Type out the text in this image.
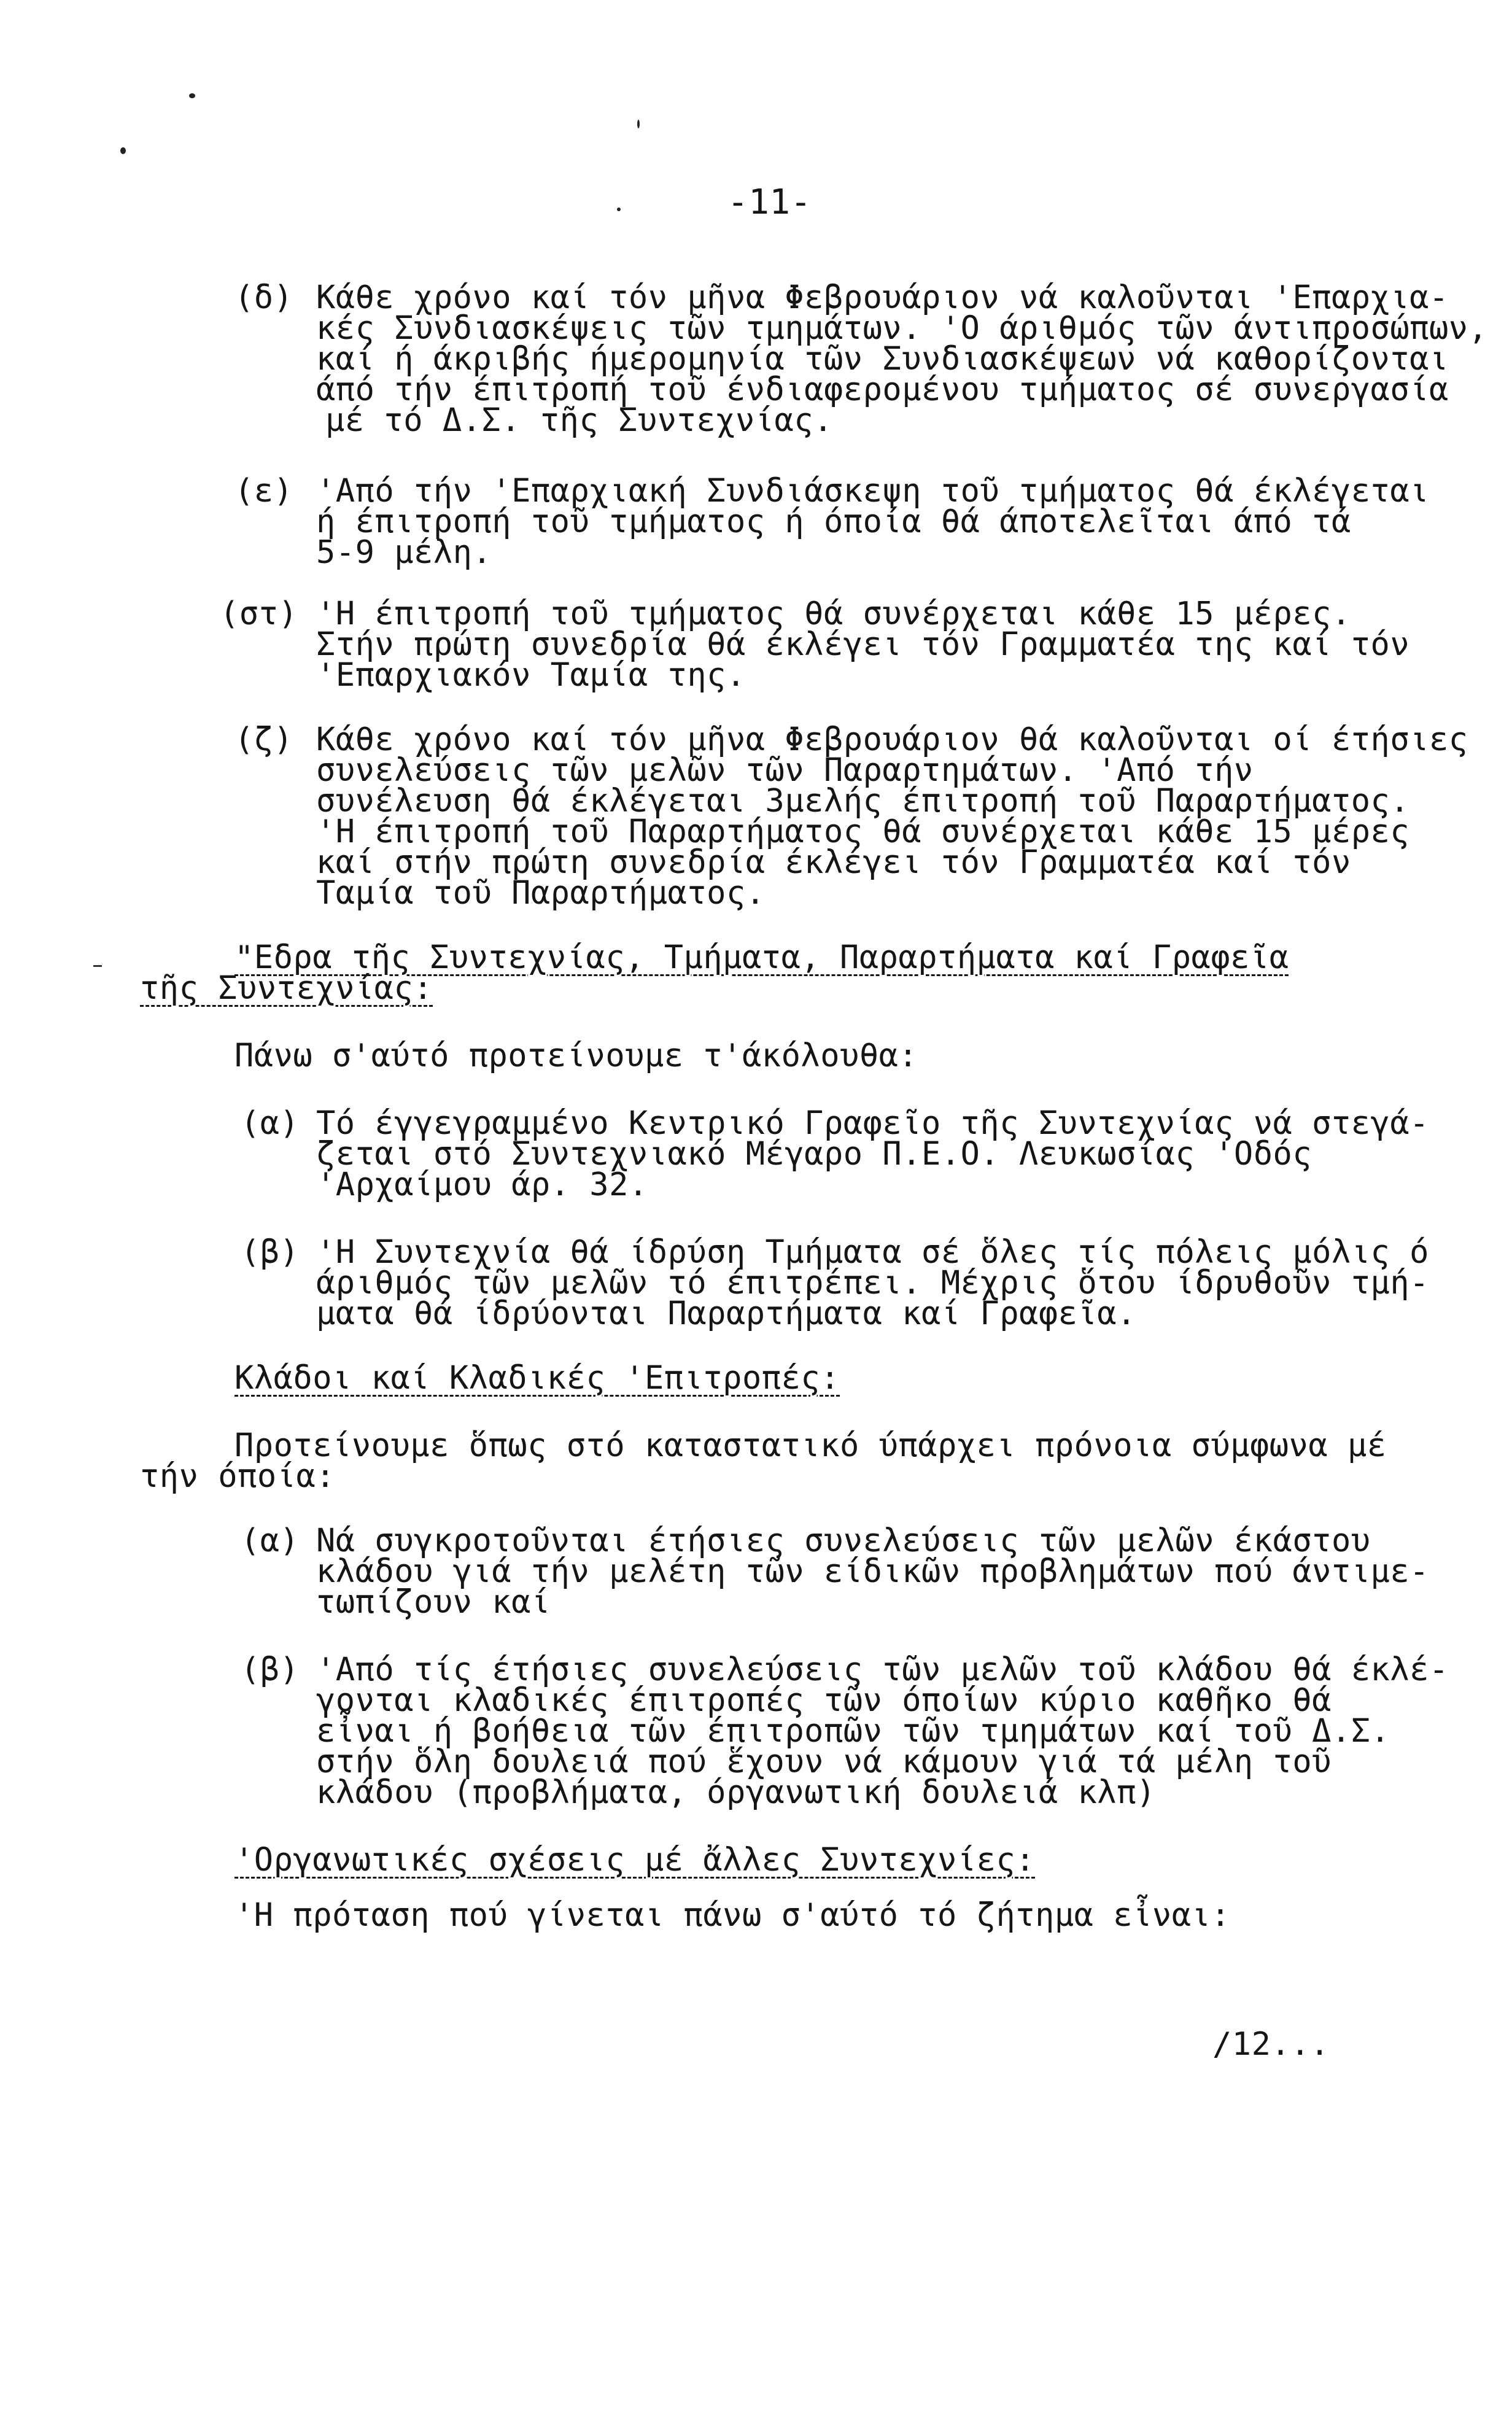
-11-
(δ) Κάθε χρόνο καί τόν μῆνα Φεβρουάριον νά καλοῦνται 'Επαρχια-
κές Συνδιασκέψεις τῶν τμημάτων. 'Ο άριθμός τῶν άντιπροσώπων,
καί ή άκριβής ήμερομηνία τῶν Συνδιασκέψεων νά καθορίζονται
άπό τήν έπιτροπή τοῦ ένδιαφερομένου τμήματος σέ συνεργασία
μέ τό Δ.Σ. τῆς Συντεχνίας.
(ε) 'Από τήν 'Επαρχιακή Συνδιάσκεψη τοῦ τμήματος θά έκλέγεται
ή έπιτροπή τοῦ τμήματος ή όποία θά άποτελεῖται άπό τά
5-9 μέλη.
(στ) 'Η έπιτροπή τοῦ τμήματος θά συνέρχεται κάθε 15 μέρες.
Στήν πρώτη συνεδρία θά έκλέγει τόν Γραμματέα της καί τόν
'Επαρχιακόν Ταμία της.
(ζ) Κάθε χρόνο καί τόν μῆνα Φεβρουάριον θά καλοῦνται οί έτήσιες
συνελεύσεις τῶν μελῶν τῶν Παραρτημάτων. 'Από τήν
συνέλευση θά έκλέγεται 3μελής έπιτροπή τοῦ Παραρτήματος.
'Η έπιτροπή τοῦ Παραρτήματος θά συνέρχεται κάθε 15 μέρες
καί στήν πρώτη συνεδρία έκλέγει τόν Γραμματέα καί τόν
Ταμία τοῦ Παραρτήματος.
"Εδρα τῆς Συντεχνίας, Τμήματα, Παραρτήματα καί Γραφεῖα
τῆς Συντεχνίας:
Πάνω σ'αύτό προτείνουμε τ'άκόλουθα:
(α) Τό έγγεγραμμένο Κεντρικό Γραφεῖο τῆς Συντεχνίας νά στεγά-
ζεται στό Συντεχνιακό Μέγαρο Π.Ε.Ο. Λευκωσίας 'Οδός
'Αρχαίμου άρ. 32.
(β) 'Η Συντεχνία θά ίδρύση Τμήματα σέ ὅλες τίς πόλεις μόλις ό
άριθμός τῶν μελῶν τό έπιτρέπει. Μέχρις ὅτου ίδρυθοῦν τμή-
ματα θά ίδρύονται Παραρτήματα καί Γραφεῖα.
Κλάδοι καί Κλαδικές 'Επιτροπές:
Προτείνουμε ὅπως στό καταστατικό ύπάρχει πρόνοια σύμφωνα μέ
τήν όποία:
(α) Νά συγκροτοῦνται έτήσιες συνελεύσεις τῶν μελῶν έκάστου
κλάδου γιά τήν μελέτη τῶν είδικῶν προβλημάτων πού άντιμε-
τωπίζουν καί
(β) 'Από τίς έτήσιες συνελεύσεις τῶν μελῶν τοῦ κλάδου θά έκλέ-
γονται κλαδικές έπιτροπές τῶν όποίων κύριο καθῆκο θά
εἶναι ή βοήθεια τῶν έπιτροπῶν τῶν τμημάτων καί τοῦ Δ.Σ.
στήν ὅλη δουλειά πού ἕχουν νά κάμουν γιά τά μέλη τοῦ
κλάδου (προβλήματα, όργανωτική δουλειά κλπ)
'Οργανωτικές σχέσεις μέ ἄλλες Συντεχνίες:
'Η πρόταση πού γίνεται πάνω σ'αύτό τό ζήτημα εἶναι:
/12...
